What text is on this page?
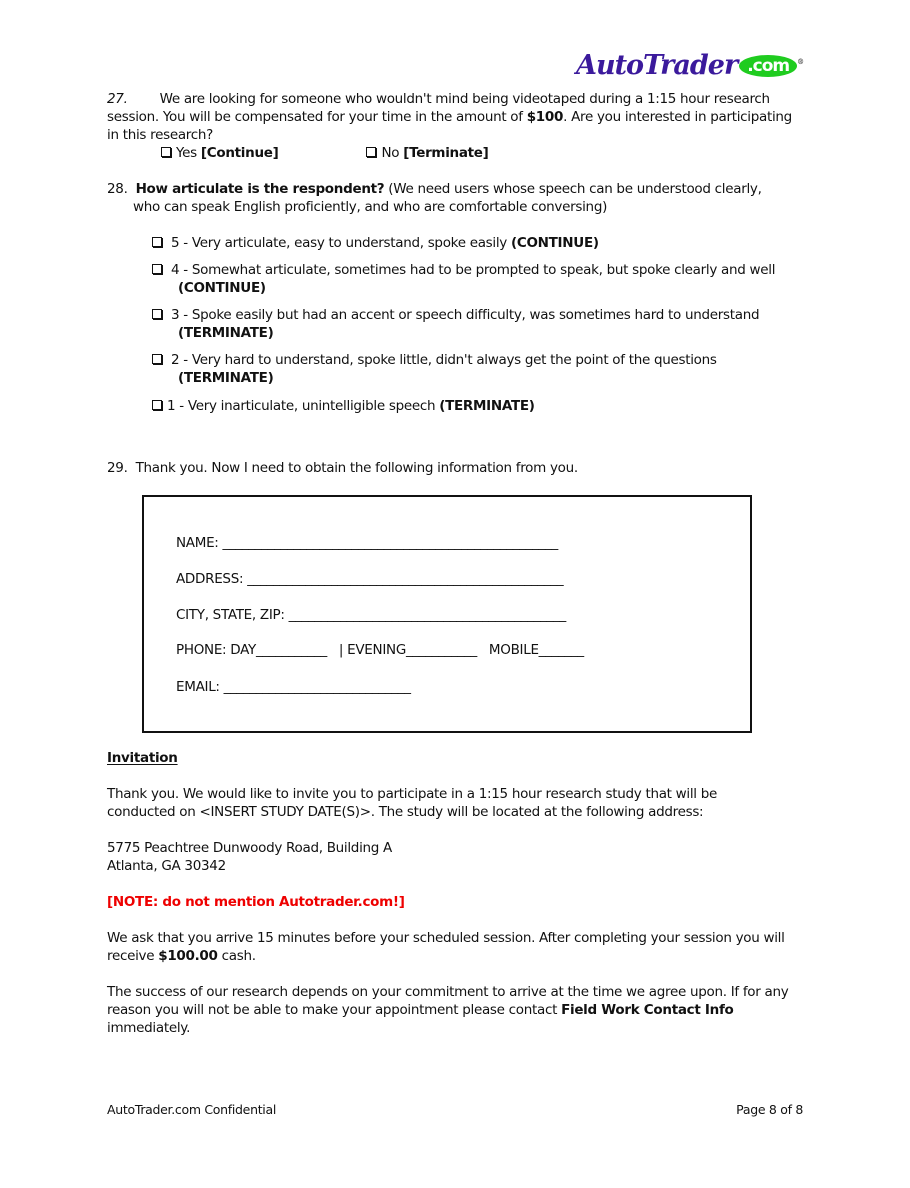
AutoTrader .com ®

27. We are looking for someone who wouldn't mind being videotaped during a 1:15 hour research

session. You will be compensated for your time in the amount of $100. Are you interested in participating

in this research?

Yes [Continue]	No [Terminate]

28. How articulate is the respondent? (We need users whose speech can be understood clearly,

who can speak English proficiently, and who are comfortable conversing)

5 - Very articulate, easy to understand, spoke easily (CONTINUE)
4 - Somewhat articulate, sometimes had to be prompted to speak, but spoke clearly and well
(CONTINUE)
3 - Spoke easily but had an accent or speech difficulty, was sometimes hard to understand
(TERMINATE)
2 - Very hard to understand, spoke little, didn't always get the point of the questions
(TERMINATE)
1 - Very inarticulate, unintelligible speech (TERMINATE)

29. Thank you. Now I need to obtain the following information from you.

NAME: ____________________________________________________

ADDRESS: _________________________________________________

CITY, STATE, ZIP: ___________________________________________

PHONE: DAY___________   | EVENING___________   MOBILE_______

EMAIL: _____________________________

Invitation

Thank you. We would like to invite you to participate in a 1:15 hour research study that will be

conducted on <INSERT STUDY DATE(S)>. The study will be located at the following address:

5775 Peachtree Dunwoody Road, Building A

Atlanta, GA 30342

[NOTE: do not mention Autotrader.com!]

We ask that you arrive 15 minutes before your scheduled session. After completing your session you will

receive $100.00 cash.

The success of our research depends on your commitment to arrive at the time we agree upon. If for any

reason you will not be able to make your appointment please contact Field Work Contact Info

immediately.

AutoTrader.com Confidential	Page 8 of 8
